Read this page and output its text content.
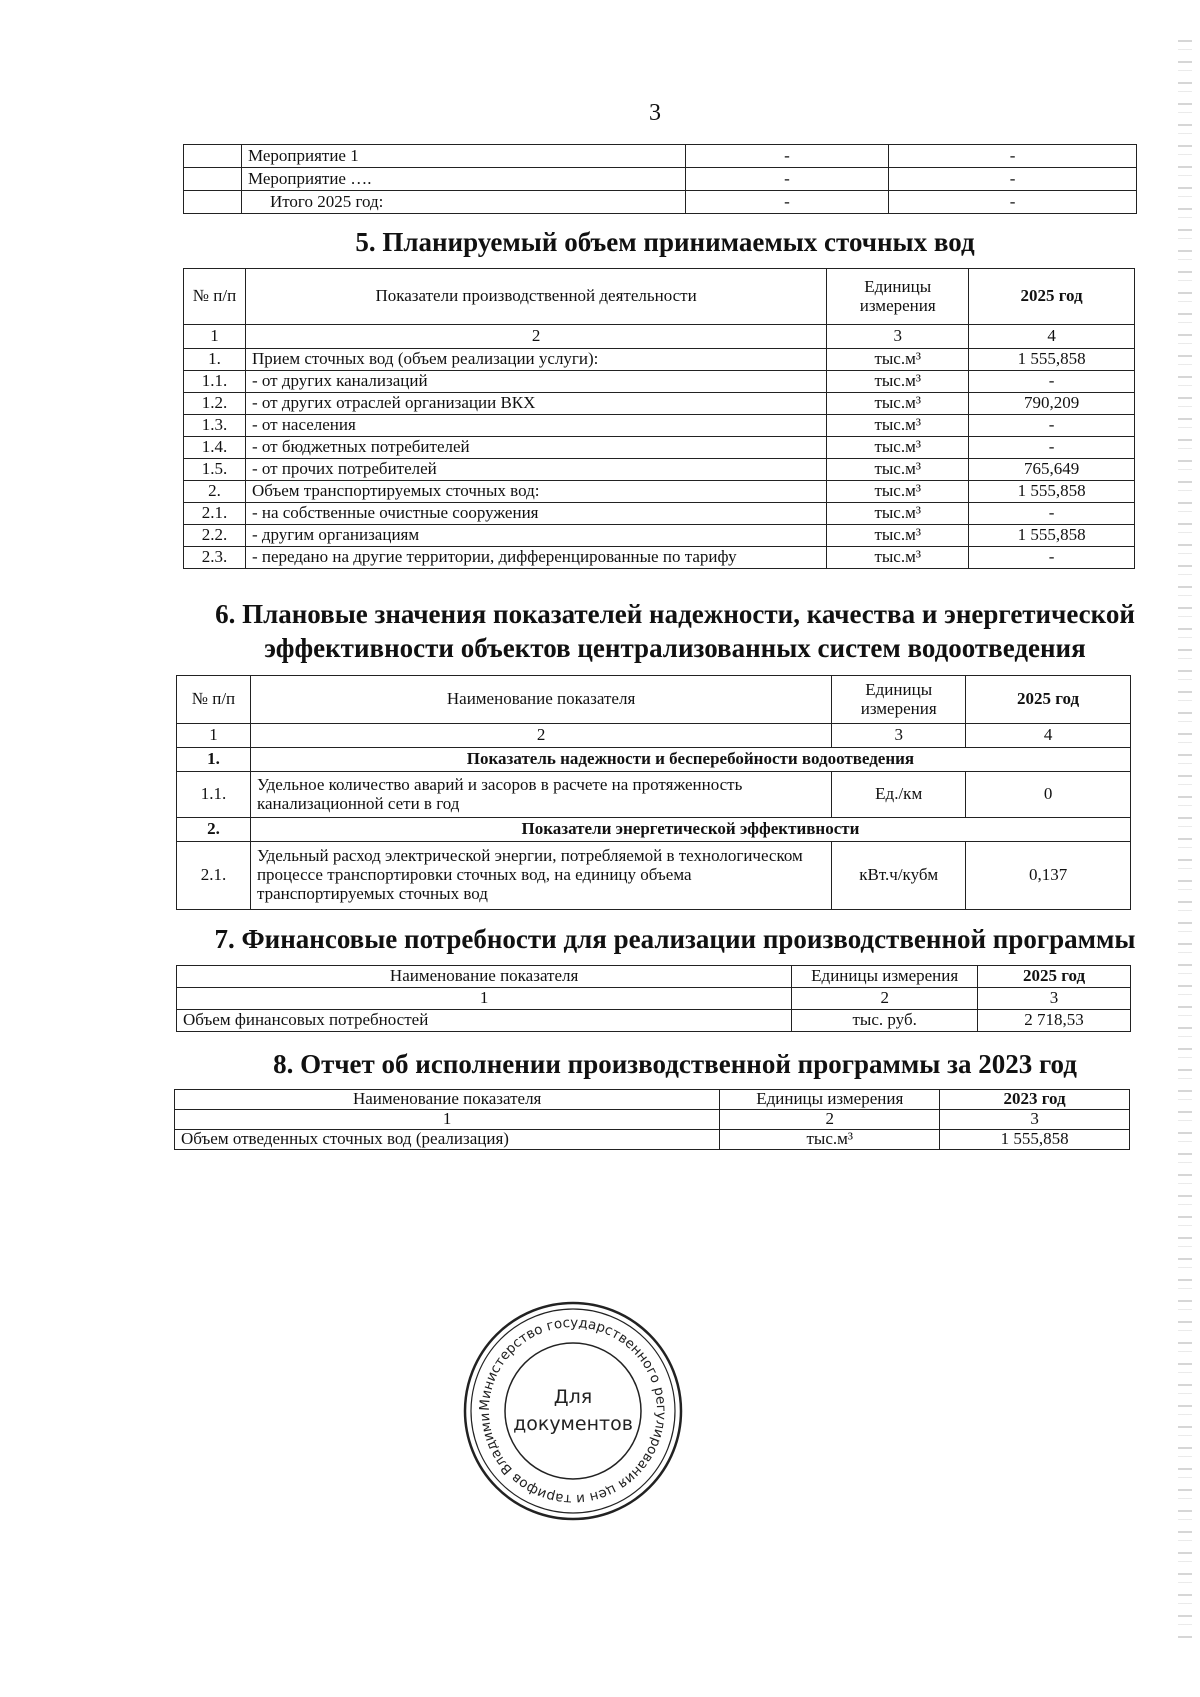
3
	Мероприятие 1	-	-
	Мероприятие ….	-	-
	Итого 2025 год:	-	-
5. Планируемый объем принимаемых сточных вод
№ п/п	Показатели производственной деятельности	Единицы измерения	2025 год
1	2	3	4
1.	Прием сточных вод (объем реализации услуги):	тыс.м³	1 555,858
1.1.	- от других канализаций	тыс.м³	-
1.2.	- от других отраслей организации ВКХ	тыс.м³	790,209
1.3.	- от населения	тыс.м³	-
1.4.	- от бюджетных потребителей	тыс.м³	-
1.5.	- от прочих потребителей	тыс.м³	765,649
2.	Объем транспортируемых сточных вод:	тыс.м³	1 555,858
2.1.	- на собственные очистные сооружения	тыс.м³	-
2.2.	- другим организациям	тыс.м³	1 555,858
2.3.	- передано на другие территории, дифференцированные по тарифу	тыс.м³	-
6. Плановые значения показателей надежности, качества и энергетической
эффективности объектов централизованных систем водоотведения
№ п/п	Наименование показателя	Единицы измерения	2025 год
1	2	3	4
1.	Показатель надежности и бесперебойности водоотведения		
1.1.	Удельное количество аварий и засоров в расчете на протяженность канализационной сети в год	Ед./км	0
2.	Показатели энергетической эффективности		
2.1.	Удельный расход электрической энергии, потребляемой в технологическом процессе транспортировки сточных вод, на единицу объема транспортируемых сточных вод	кВт.ч/кубм	0,137
7. Финансовые потребности для реализации производственной программы
Наименование показателя	Единицы измерения	2025 год
1	2	3
Объем финансовых потребностей	тыс. руб.	2 718,53
8. Отчет об исполнении производственной программы за 2023 год
Наименование показателя	Единицы измерения	2023 год
1	2	3
Объем отведенных сточных вод (реализация)	тыс.м³	1 555,858
Министерство государственного регулирования цен и тарифов Владими
Для
документов
